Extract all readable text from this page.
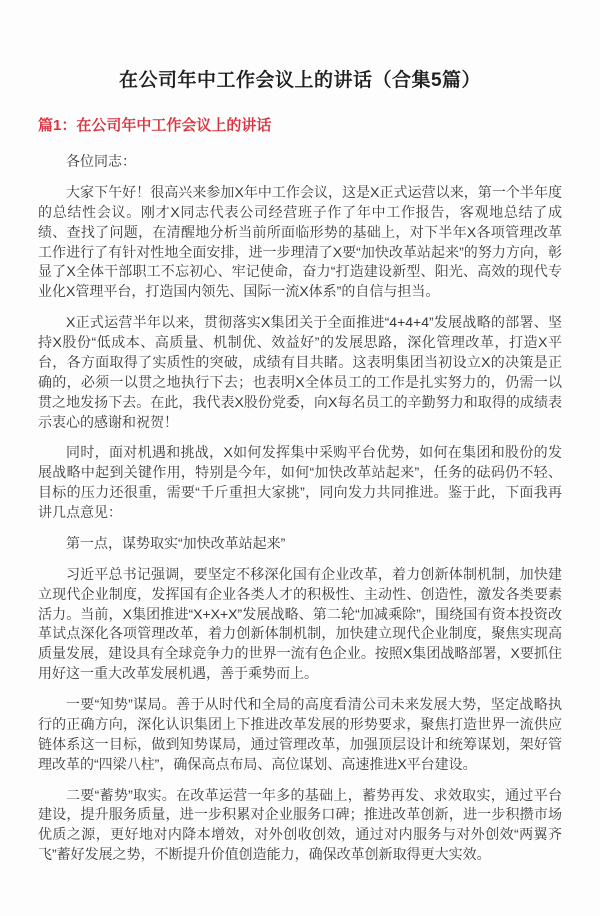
在公司年中工作会议上的讲话（合集5篇）
篇1：在公司年中工作会议上的讲话

各位同志：

大家下午好！很高兴来参加X年中工作会议，这是X正式运营以来，第一个半年度的总结性会议。刚才X同志代表公司经营班子作了年中工作报告，客观地总结了成绩、查找了问题，在清醒地分析当前所面临形势的基础上，对下半年X各项管理改革工作进行了有针对性地全面安排，进一步理清了X要“加快改革站起来”的努力方向，彰显了X全体干部职工不忘初心、牢记使命，奋力“打造建设新型、阳光、高效的现代专业化X管理平台，打造国内领先、国际一流X体系”的自信与担当。

X正式运营半年以来，贯彻落实X集团关于全面推进“4+4+4”发展战略的部署、坚持X股份“低成本、高质量、机制优、效益好”的发展思路，深化管理改革，打造X平台，各方面取得了实质性的突破，成绩有目共睹。这表明集团当初设立X的决策是正确的，必须一以贯之地执行下去；也表明X全体员工的工作是扎实努力的，仍需一以贯之地发扬下去。在此，我代表X股份党委，向X每名员工的辛勤努力和取得的成绩表示衷心的感谢和祝贺！

同时，面对机遇和挑战，X如何发挥集中采购平台优势，如何在集团和股份的发展战略中起到关键作用，特别是今年，如何“加快改革站起来”，任务的砝码仍不轻、目标的压力还很重，需要“千斤重担大家挑”，同向发力共同推进。鉴于此，下面我再讲几点意见：

第一点，谋势取实“加快改革站起来”

习近平总书记强调，要坚定不移深化国有企业改革，着力创新体制机制，加快建立现代企业制度，发挥国有企业各类人才的积极性、主动性、创造性，激发各类要素活力。当前，X集团推进“X+X+X”发展战略、第二轮“加减乘除”，围绕国有资本投资改革试点深化各项管理改革，着力创新体制机制，加快建立现代企业制度，聚焦实现高质量发展，建设具有全球竞争力的世界一流有色企业。按照X集团战略部署，X要抓住用好这一重大改革发展机遇，善于乘势而上。

一要“知势”谋局。善于从时代和全局的高度看清公司未来发展大势，坚定战略执行的正确方向，深化认识集团上下推进改革发展的形势要求，聚焦打造世界一流供应链体系这一目标，做到知势谋局，通过管理改革，加强顶层设计和统筹谋划，架好管理改革的“四梁八柱”，确保高点布局、高位谋划、高速推进X平台建设。

二要“蓄势”取实。在改革运营一年多的基础上，蓄势再发、求效取实，通过平台建设，提升服务质量，进一步积累对企业服务口碑；推进改革创新，进一步积攒市场优质之源，更好地对内降本增效，对外创收创效，通过对内服务与对外创效“两翼齐飞”蓄好发展之势，不断提升价值创造能力，确保改革创新取得更大实效。
